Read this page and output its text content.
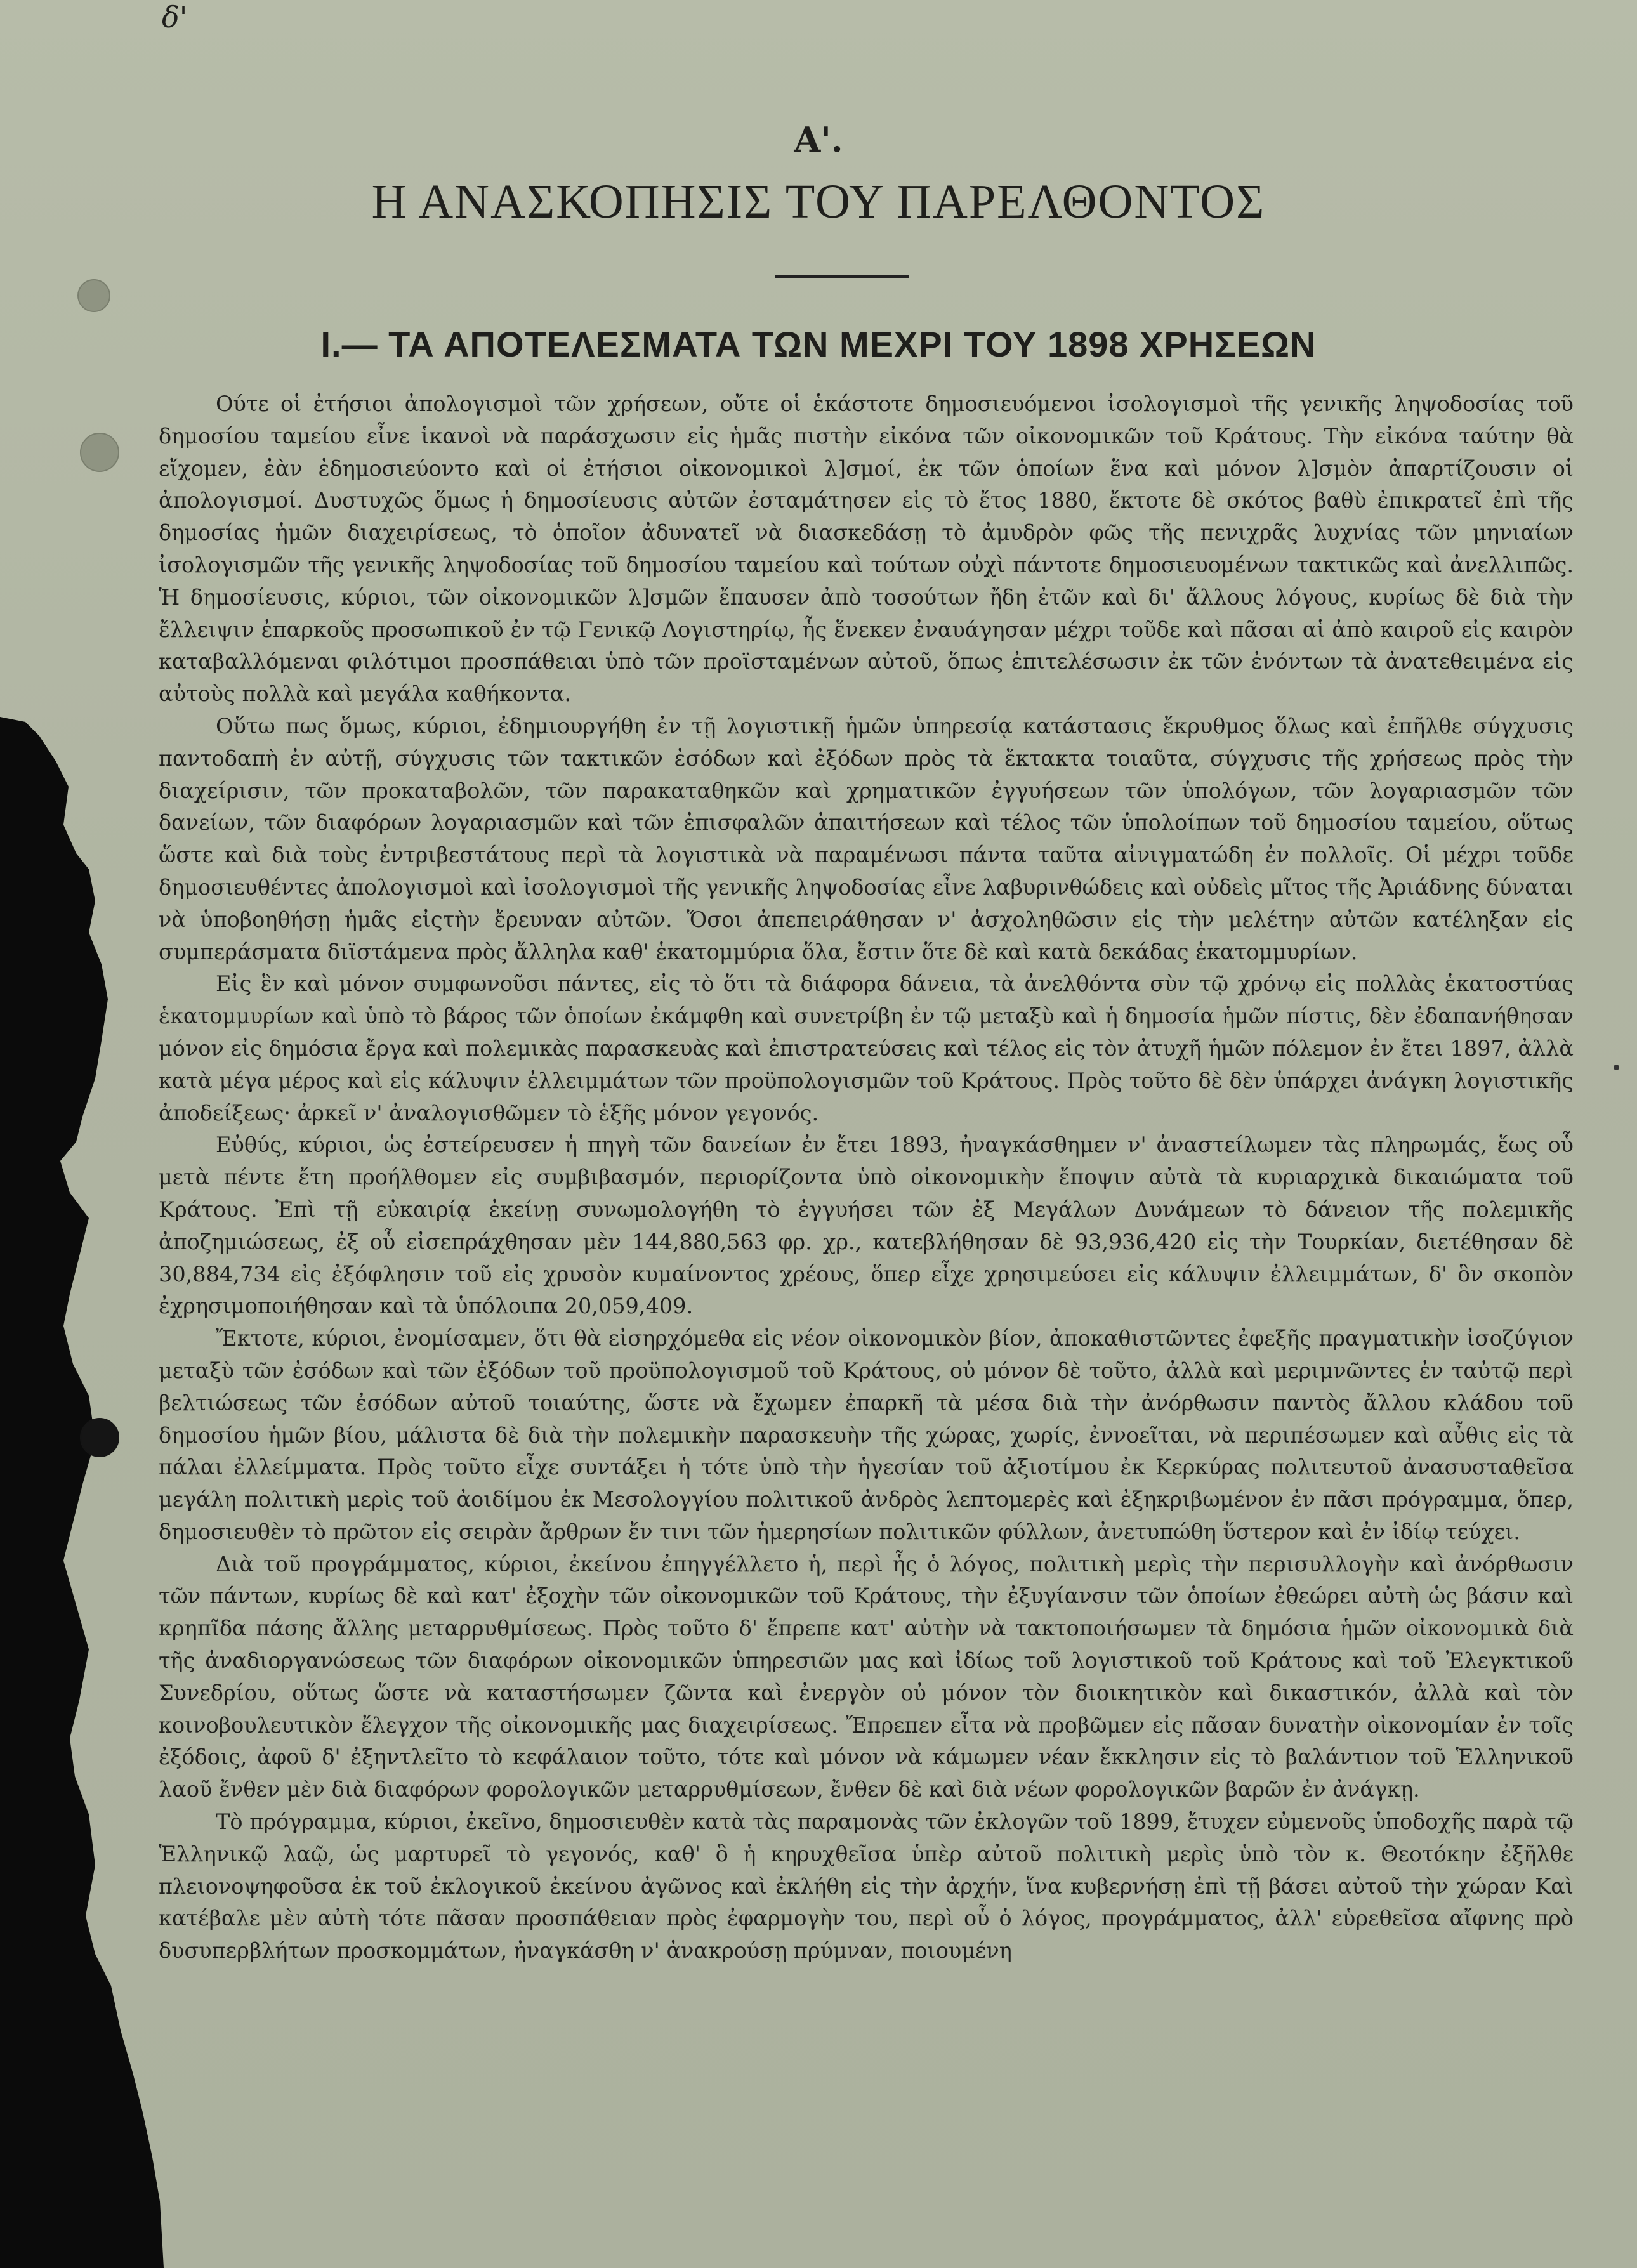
δ'
Α'.
Η ΑΝΑΣΚΟΠΗΣΙΣ ΤΟΥ ΠΑΡΕΛΘΟΝΤΟΣ
Ι.— ΤΑ ΑΠΟΤΕΛΕΣΜΑΤΑ ΤΩΝ ΜΕΧΡΙ ΤΟΥ 1898 ΧΡΗΣΕΩΝ

Ούτε οἱ ἐτήσιοι ἀπολογισμοὶ τῶν χρήσεων, οὔτε οἱ ἑκάστοτε δημοσιευόμενοι ἰσολογισμοὶ τῆς γενικῆς ληψοδοσίας τοῦ δημοσίου ταμείου εἶνε ἱκανοὶ νὰ παράσχωσιν εἰς ἡμᾶς πιστὴν εἰκόνα τῶν οἰκονομικῶν τοῦ Κράτους. Τὴν εἰκόνα ταύτην θὰ εἴχομεν, ἐὰν ἐδημοσιεύοντο καὶ οἱ ἐτήσιοι οἰκονομικοὶ λ]σμοί, ἐκ τῶν ὁποίων ἕνα καὶ μόνον λ]σμὸν ἀπαρτίζουσιν οἱ ἀπολογισμοί. Δυστυχῶς ὅμως ἡ δημοσίευσις αὐτῶν ἐσταμάτησεν εἰς τὸ ἔτος 1880, ἔκτοτε δὲ σκότος βαθὺ ἐπικρατεῖ ἐπὶ τῆς δημοσίας ἡμῶν διαχειρίσεως, τὸ ὁποῖον ἀδυνατεῖ νὰ διασκεδάσῃ τὸ ἀμυδρὸν φῶς τῆς πενιχρᾶς λυχνίας τῶν μηνιαίων ἰσολογισμῶν τῆς γενικῆς ληψοδοσίας τοῦ δημοσίου ταμείου καὶ τούτων οὐχὶ πάντοτε δημοσιευομένων τακτικῶς καὶ ἀνελλιπῶς. Ἡ δημοσίευσις, κύριοι, τῶν οἰκονομικῶν λ]σμῶν ἔπαυσεν ἀπὸ τοσούτων ἤδη ἐτῶν καὶ δι' ἄλλους λόγους, κυρίως δὲ διὰ τὴν ἔλλειψιν ἐπαρκοῦς προσωπικοῦ ἐν τῷ Γενικῷ Λογιστηρίῳ, ἧς ἕνεκεν ἐναυάγησαν μέχρι τοῦδε καὶ πᾶσαι αἱ ἀπὸ καιροῦ εἰς καιρὸν καταβαλλόμεναι φιλότιμοι προσπάθειαι ὑπὸ τῶν προϊσταμένων αὐτοῦ, ὅπως ἐπιτελέσωσιν ἐκ τῶν ἐνόντων τὰ ἀνατεθειμένα εἰς αὐτοὺς πολλὰ καὶ μεγάλα καθήκοντα.

Οὕτω πως ὅμως, κύριοι, ἐδημιουργήθη ἐν τῇ λογιστικῇ ἡμῶν ὑπηρεσίᾳ κατάστασις ἔκρυθμος ὅλως καὶ ἐπῆλθε σύγχυσις παντοδαπὴ ἐν αὐτῇ, σύγχυσις τῶν τακτικῶν ἐσόδων καὶ ἐξόδων πρὸς τὰ ἔκτακτα τοιαῦτα, σύγχυσις τῆς χρήσεως πρὸς τὴν διαχείρισιν, τῶν προκαταβολῶν, τῶν παρακαταθηκῶν καὶ χρηματικῶν ἐγγυήσεων τῶν ὑπολόγων, τῶν λογαριασμῶν τῶν δανείων, τῶν διαφόρων λογαριασμῶν καὶ τῶν ἐπισφαλῶν ἀπαιτήσεων καὶ τέλος τῶν ὑπολοίπων τοῦ δημοσίου ταμείου, οὕτως ὥστε καὶ διὰ τοὺς ἐντριβεστάτους περὶ τὰ λογιστικὰ νὰ παραμένωσι πάντα ταῦτα αἰνιγματώδη ἐν πολλοῖς. Οἱ μέχρι τοῦδε δημοσιευθέντες ἀπολογισμοὶ καὶ ἰσολογισμοὶ τῆς γενικῆς ληψοδοσίας εἶνε λαβυρινθώδεις καὶ οὐδεὶς μῖτος τῆς Ἀριάδνης δύναται νὰ ὑποβοηθήσῃ ἡμᾶς εἰςτὴν ἔρευναν αὐτῶν. Ὅσοι ἀπεπειράθησαν ν' ἀσχοληθῶσιν εἰς τὴν μελέτην αὐτῶν κατέληξαν εἰς συμπεράσματα διϊστάμενα πρὸς ἄλληλα καθ' ἑκατομμύρια ὅλα, ἔστιν ὅτε δὲ καὶ κατὰ δεκάδας ἑκατομμυρίων.

Εἰς ἓν καὶ μόνον συμφωνοῦσι πάντες, εἰς τὸ ὅτι τὰ διάφορα δάνεια, τὰ ἀνελθόντα σὺν τῷ χρόνῳ εἰς πολλὰς ἑκατοστύας ἑκατομμυρίων καὶ ὑπὸ τὸ βάρος τῶν ὁποίων ἐκάμφθη καὶ συνετρίβη ἐν τῷ μεταξὺ καὶ ἡ δημοσία ἡμῶν πίστις, δὲν ἐδαπανήθησαν μόνον εἰς δημόσια ἔργα καὶ πολεμικὰς παρασκευὰς καὶ ἐπιστρατεύσεις καὶ τέλος εἰς τὸν ἀτυχῆ ἡμῶν πόλεμον ἐν ἔτει 1897, ἀλλὰ κατὰ μέγα μέρος καὶ εἰς κάλυψιν ἐλλειμμάτων τῶν προϋπολογισμῶν τοῦ Κράτους. Πρὸς τοῦτο δὲ δὲν ὑπάρχει ἀνάγκη λογιστικῆς ἀποδείξεως· ἀρκεῖ ν' ἀναλογισθῶμεν τὸ ἑξῆς μόνον γεγονός.

Εὐθύς, κύριοι, ὡς ἐστείρευσεν ἡ πηγὴ τῶν δανείων ἐν ἔτει 1893, ἠναγκάσθημεν ν' ἀναστείλωμεν τὰς πληρωμάς, ἕως οὗ μετὰ πέντε ἔτη προήλθομεν εἰς συμβιβασμόν, περιορίζοντα ὑπὸ οἰκονομικὴν ἔποψιν αὐτὰ τὰ κυριαρχικὰ δικαιώματα τοῦ Κράτους. Ἐπὶ τῇ εὐκαιρίᾳ ἐκείνῃ συνωμολογήθη τὸ ἐγγυήσει τῶν ἐξ Μεγάλων Δυνάμεων τὸ δάνειον τῆς πολεμικῆς ἀποζημιώσεως, ἐξ οὗ εἰσεπράχθησαν μὲν 144,880,563 φρ. χρ., κατεβλήθησαν δὲ 93,936,420 εἰς τὴν Τουρκίαν, διετέθησαν δὲ 30,884,734 εἰς ἐξόφλησιν τοῦ εἰς χρυσὸν κυμαίνοντος χρέους, ὅπερ εἶχε χρησιμεύσει εἰς κάλυψιν ἐλλειμμάτων, δ' ὃν σκοπὸν ἐχρησιμοποιήθησαν καὶ τὰ ὑπόλοιπα 20,059,409.

Ἔκτοτε, κύριοι, ἐνομίσαμεν, ὅτι θὰ εἰσηρχόμεθα εἰς νέον οἰκονομικὸν βίον, ἀποκαθιστῶντες ἐφεξῆς πραγματικὴν ἰσοζύγιον μεταξὺ τῶν ἐσόδων καὶ τῶν ἐξόδων τοῦ προϋπολογισμοῦ τοῦ Κράτους, οὐ μόνον δὲ τοῦτο, ἀλλὰ καὶ μεριμνῶντες ἐν ταὐτῷ περὶ βελτιώσεως τῶν ἐσόδων αὐτοῦ τοιαύτης, ὥστε νὰ ἔχωμεν ἐπαρκῆ τὰ μέσα διὰ τὴν ἀνόρθωσιν παντὸς ἄλλου κλάδου τοῦ δημοσίου ἡμῶν βίου, μάλιστα δὲ διὰ τὴν πολεμικὴν παρασκευὴν τῆς χώρας, χωρίς, ἐννοεῖται, νὰ περιπέσωμεν καὶ αὖθις εἰς τὰ πάλαι ἐλλείμματα. Πρὸς τοῦτο εἶχε συντάξει ἡ τότε ὑπὸ τὴν ἡγεσίαν τοῦ ἀξιοτίμου ἐκ Κερκύρας πολιτευτοῦ ἀνασυσταθεῖσα μεγάλη πολιτικὴ μερὶς τοῦ ἀοιδίμου ἐκ Μεσολογγίου πολιτικοῦ ἀνδρὸς λεπτομερὲς καὶ ἐξηκριβωμένον ἐν πᾶσι πρόγραμμα, ὅπερ, δημοσιευθὲν τὸ πρῶτον εἰς σειρὰν ἄρθρων ἔν τινι τῶν ἡμερησίων πολιτικῶν φύλλων, ἀνετυπώθη ὕστερον καὶ ἐν ἰδίῳ τεύχει.

Διὰ τοῦ προγράμματος, κύριοι, ἐκείνου ἐπηγγέλλετο ἡ, περὶ ἧς ὁ λόγος, πολιτικὴ μερὶς τὴν περισυλλογὴν καὶ ἀνόρθωσιν τῶν πάντων, κυρίως δὲ καὶ κατ' ἐξοχὴν τῶν οἰκονομικῶν τοῦ Κράτους, τὴν ἐξυγίανσιν τῶν ὁποίων ἐθεώρει αὐτὴ ὡς βάσιν καὶ κρηπῖδα πάσης ἄλλης μεταρρυθμίσεως. Πρὸς τοῦτο δ' ἔπρεπε κατ' αὐτὴν νὰ τακτοποιήσωμεν τὰ δημόσια ἡμῶν οἰκονομικὰ διὰ τῆς ἀναδιοργανώσεως τῶν διαφόρων οἰκονομικῶν ὑπηρεσιῶν μας καὶ ἰδίως τοῦ λογιστικοῦ τοῦ Κράτους καὶ τοῦ Ἐλεγκτικοῦ Συνεδρίου, οὕτως ὥστε νὰ καταστήσωμεν ζῶντα καὶ ἐνεργὸν οὐ μόνον τὸν διοικητικὸν καὶ δικαστικόν, ἀλλὰ καὶ τὸν κοινοβουλευτικὸν ἔλεγχον τῆς οἰκονομικῆς μας διαχειρίσεως. Ἔπρεπεν εἶτα νὰ προβῶμεν εἰς πᾶσαν δυνατὴν οἰκονομίαν ἐν τοῖς ἐξόδοις, ἀφοῦ δ' ἐξηντλεῖτο τὸ κεφάλαιον τοῦτο, τότε καὶ μόνον νὰ κάμωμεν νέαν ἔκκλησιν εἰς τὸ βαλάντιον τοῦ Ἑλληνικοῦ λαοῦ ἔνθεν μὲν διὰ διαφόρων φορολογικῶν μεταρρυθμίσεων, ἔνθεν δὲ καὶ διὰ νέων φορολογικῶν βαρῶν ἐν ἀνάγκῃ.

Τὸ πρόγραμμα, κύριοι, ἐκεῖνο, δημοσιευθὲν κατὰ τὰς παραμονὰς τῶν ἐκλογῶν τοῦ 1899, ἔτυχεν εὐμενοῦς ὑποδοχῆς παρὰ τῷ Ἑλληνικῷ λαῷ, ὡς μαρτυρεῖ τὸ γεγονός, καθ' ὃ ἡ κηρυχθεῖσα ὑπὲρ αὐτοῦ πολιτικὴ μερὶς ὑπὸ τὸν κ. Θεοτόκην ἐξῆλθε πλειονοψηφοῦσα ἐκ τοῦ ἐκλογικοῦ ἐκείνου ἀγῶνος καὶ ἐκλήθη εἰς τὴν ἀρχήν, ἵνα κυβερνήσῃ ἐπὶ τῇ βάσει αὐτοῦ τὴν χώραν Καὶ κατέβαλε μὲν αὐτὴ τότε πᾶσαν προσπάθειαν πρὸς ἐφαρμογὴν του, περὶ οὗ ὁ λόγος, προγράμματος, ἀλλ' εὑρεθεῖσα αἴφνης πρὸ δυσυπερβλήτων προσκομμάτων, ἠναγκάσθη ν' ἀνακρούσῃ πρύμναν, ποιουμένη
